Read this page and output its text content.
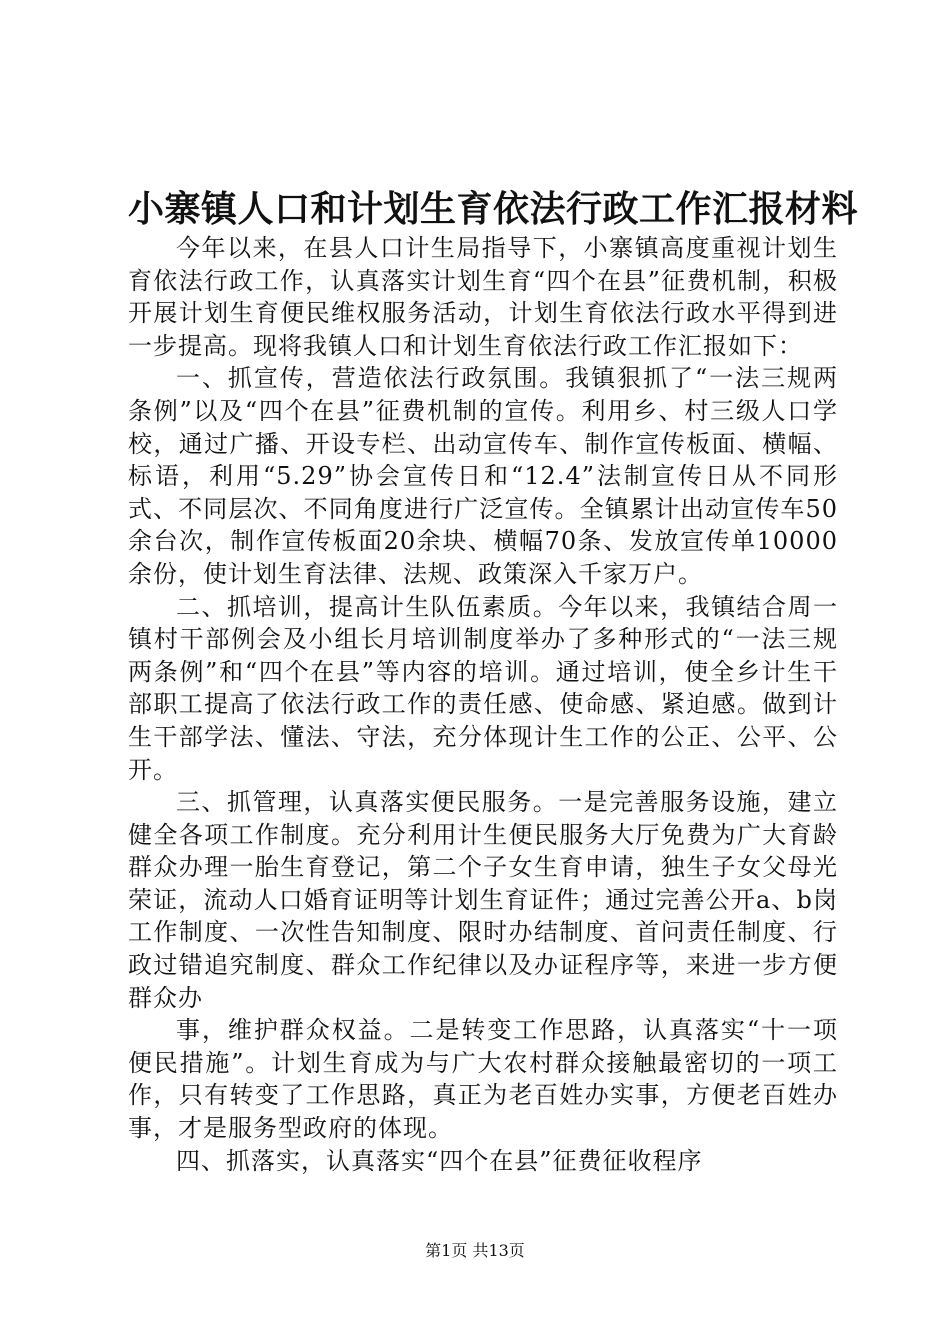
小寨镇人口和计划生育依法行政工作汇报材料

今年以来，在县人口计生局指导下，小寨镇高度重视计划生育依法行政工作，认真落实计划生育“四个在县”征费机制，积极开展计划生育便民维权服务活动，计划生育依法行政水平得到进一步提高。现将我镇人口和计划生育依法行政工作汇报如下：

一、抓宣传，营造依法行政氛围。我镇狠抓了“一法三规两条例”以及“四个在县”征费机制的宣传。利用乡、村三级人口学校，通过广播、开设专栏、出动宣传车、制作宣传板面、横幅、标语，利用“5.29”协会宣传日和“12.4”法制宣传日从不同形式、不同层次、不同角度进行广泛宣传。全镇累计出动宣传车50余台次，制作宣传板面20余块、横幅70条、发放宣传单10000余份，使计划生育法律、法规、政策深入千家万户。

二、抓培训，提高计生队伍素质。今年以来，我镇结合周一镇村干部例会及小组长月培训制度举办了多种形式的“一法三规两条例”和“四个在县”等内容的培训。通过培训，使全乡计生干部职工提高了依法行政工作的责任感、使命感、紧迫感。做到计生干部学法、懂法、守法，充分体现计生工作的公正、公平、公开。

三、抓管理，认真落实便民服务。一是完善服务设施，建立健全各项工作制度。充分利用计生便民服务大厅免费为广大育龄群众办理一胎生育登记，第二个子女生育申请，独生子女父母光荣证，流动人口婚育证明等计划生育证件；通过完善公开a、b岗工作制度、一次性告知制度、限时办结制度、首问责任制度、行政过错追究制度、群众工作纪律以及办证程序等，来进一步方便群众办

事，维护群众权益。二是转变工作思路，认真落实“十一项便民措施”。计划生育成为与广大农村群众接触最密切的一项工作，只有转变了工作思路，真正为老百姓办实事，方便老百姓办事，才是服务型政府的体现。

四、抓落实，认真落实“四个在县”征费征收程序

第1页 共13页
